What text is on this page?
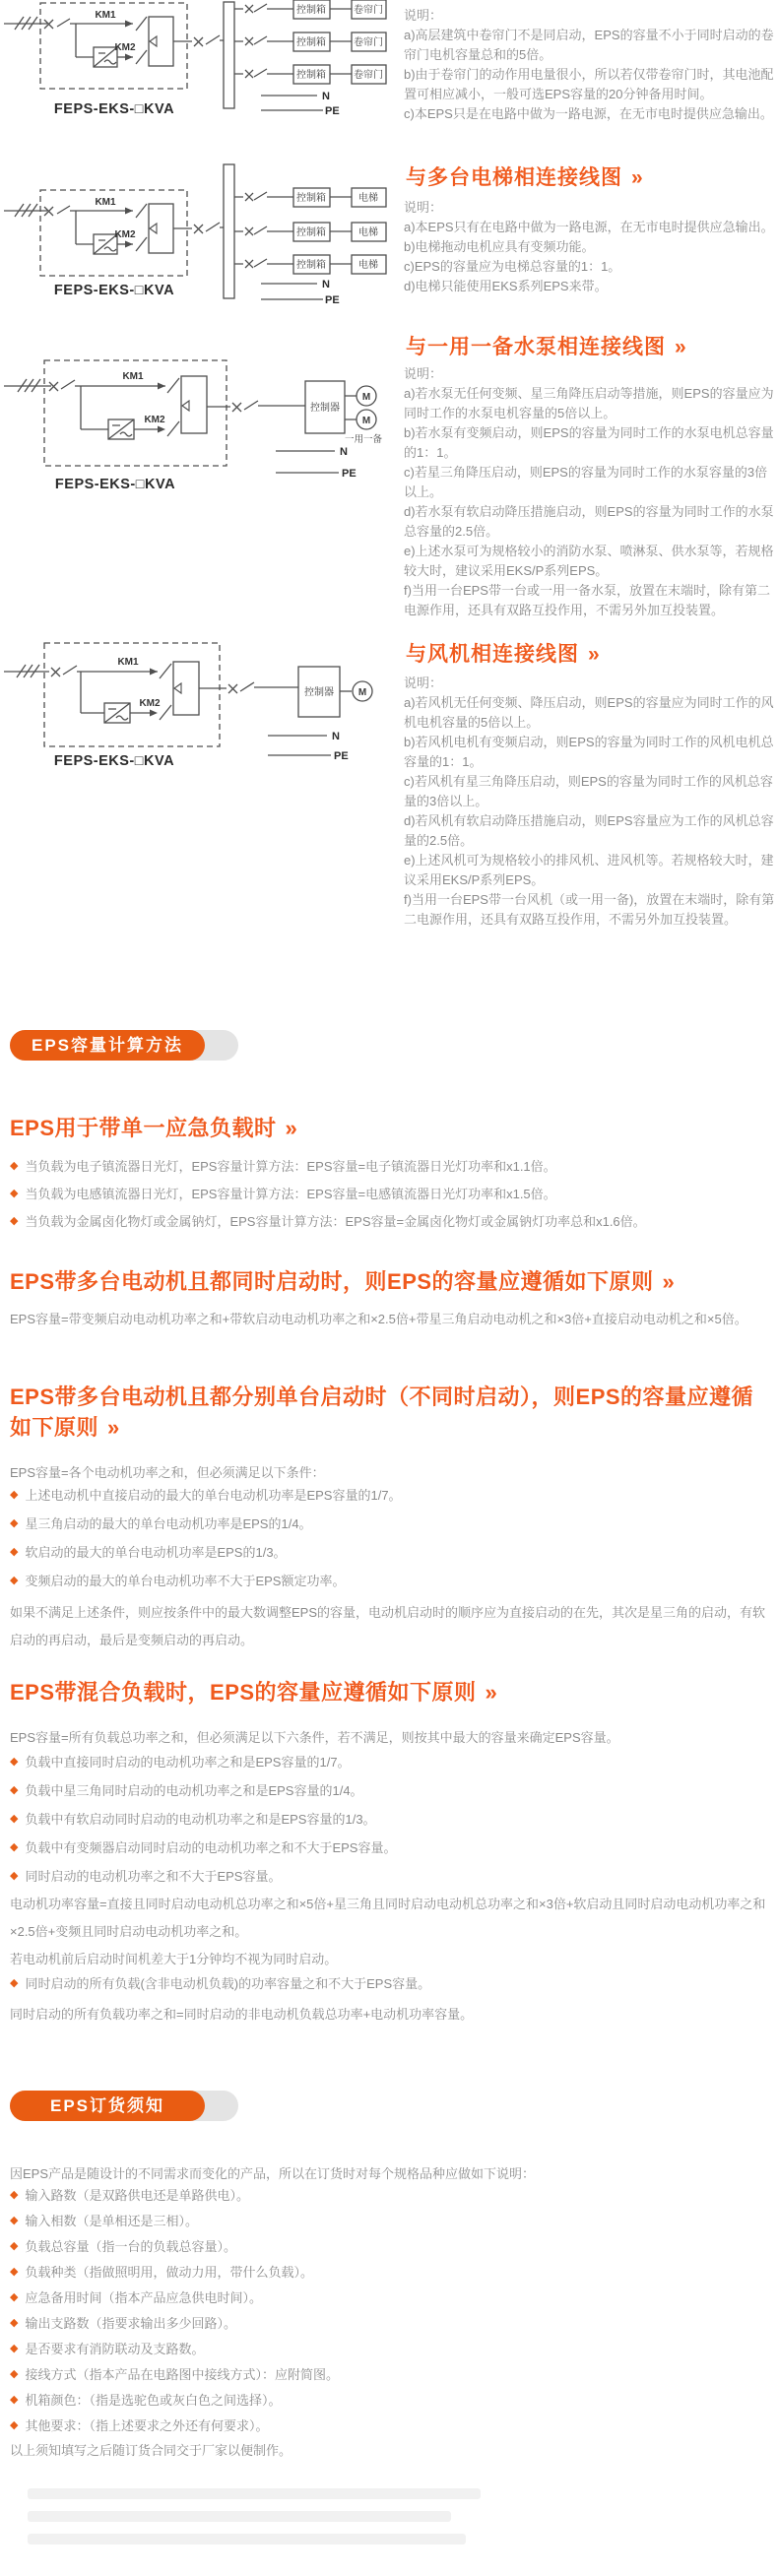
KM1
KM2
控制箱	卷帘门
控制箱	卷帘门
控制箱	卷帘门
N
PE
FEPS-EKS-□KVA
说明：
a)高层建筑中卷帘门不是同启动，EPS的容量不小于同时启动的卷帘门电机容量总和的5倍。
b)由于卷帘门的动作用电量很小，所以若仅带卷帘门时，其电池配置可相应减小，一般可选EPS容量的20分钟备用时间。
c)本EPS只是在电路中做为一路电源，在无市电时提供应急输出。
与多台电梯相连接线图 »
KM1
KM2
控制箱	电梯
控制箱	电梯
控制箱	电梯
N
PE
FEPS-EKS-□KVA
说明：
a)本EPS只有在电路中做为一路电源，在无市电时提供应急输出。
b)电梯拖动电机应具有变频功能。
c)EPS的容量应为电梯总容量的1：1。
d)电梯只能使用EKS系列EPS来带。
与一用一备水泵相连接线图 »
KM1
KM2
控制器
M
M
一用一备
N
PE
FEPS-EKS-□KVA
说明：
a)若水泵无任何变频、星三角降压启动等措施，则EPS的容量应为同时工作的水泵电机容量的5倍以上。
b)若水泵有变频启动，则EPS的容量为同时工作的水泵电机总容量的1：1。
c)若星三角降压启动，则EPS的容量为同时工作的水泵容量的3倍以上。
d)若水泵有软启动降压措施启动，则EPS的容量为同时工作的水泵总容量的2.5倍。
e)上述水泵可为规格较小的消防水泵、喷淋泵、供水泵等，若规格较大时，建议采用EKS/P系列EPS。
f)当用一台EPS带一台或一用一备水泵，放置在末端时，除有第二电源作用，还具有双路互投作用，不需另外加互投装置。
与风机相连接线图 »
KM1
KM2
控制器 M
N
PE
FEPS-EKS-□KVA
说明：
a)若风机无任何变频、降压启动，则EPS的容量应为同时工作的风机电机容量的5倍以上。
b)若风机电机有变频启动，则EPS的容量为同时工作的风机电机总容量的1：1。
c)若风机有星三角降压启动，则EPS的容量为同时工作的风机总容量的3倍以上。
d)若风机有软启动降压措施启动，则EPS容量应为工作的风机总容量的2.5倍。
e)上述风机可为规格较小的排风机、进风机等。若规格较大时，建议采用EKS/P系列EPS。
f)当用一台EPS带一台风机（或一用一备)，放置在末端时，除有第二电源作用，还具有双路互投作用，不需另外加互投装置。
EPS容量计算方法
EPS用于带单一应急负载时 »
◆ 当负载为电子镇流器日光灯，EPS容量计算方法：EPS容量=电子镇流器日光灯功率和x1.1倍。
◆ 当负载为电感镇流器日光灯，EPS容量计算方法：EPS容量=电感镇流器日光灯功率和x1.5倍。
◆ 当负载为金属卤化物灯或金属钠灯，EPS容量计算方法：EPS容量=金属卤化物灯或金属钠灯功率总和x1.6倍。
EPS带多台电动机且都同时启动时，则EPS的容量应遵循如下原则 »
EPS容量=带变频启动电动机功率之和+带软启动电动机功率之和×2.5倍+带星三角启动电动机之和×3倍+直接启动电动机之和×5倍。
EPS带多台电动机且都分别单台启动时（不同时启动），则EPS的容量应遵循如下原则 »
EPS容量=各个电动机功率之和，但必须满足以下条件：
◆ 上述电动机中直接启动的最大的单台电动机功率是EPS容量的1/7。
◆ 星三角启动的最大的单台电动机功率是EPS的1/4。
◆ 软启动的最大的单台电动机功率是EPS的1/3。
◆ 变频启动的最大的单台电动机功率不大于EPS额定功率。
如果不满足上述条件，则应按条件中的最大数调整EPS的容量，电动机启动时的顺序应为直接启动的在先，其次是星三角的启动，有软启动的再启动，最后是变频启动的再启动。
EPS带混合负载时，EPS的容量应遵循如下原则 »
EPS容量=所有负载总功率之和，但必须满足以下六条件，若不满足，则按其中最大的容量来确定EPS容量。
◆ 负载中直接同时启动的电动机功率之和是EPS容量的1/7。
◆ 负载中星三角同时启动的电动机功率之和是EPS容量的1/4。
◆ 负载中有软启动同时启动的电动机功率之和是EPS容量的1/3。
◆ 负载中有变频器启动同时启动的电动机功率之和不大于EPS容量。
◆ 同时启动的电动机功率之和不大于EPS容量。
电动机功率容量=直接且同时启动电动机总功率之和×5倍+星三角且同时启动电动机总功率之和×3倍+软启动且同时启动电动机功率之和×2.5倍+变频且同时启动电动机功率之和。
若电动机前后启动时间机差大于1分钟均不视为同时启动。
◆ 同时启动的所有负载(含非电动机负载)的功率容量之和不大于EPS容量。
同时启动的所有负载功率之和=同时启动的非电动机负载总功率+电动机功率容量。
EPS订货须知
因EPS产品是随设计的不同需求而变化的产品，所以在订货时对每个规格品种应做如下说明：
◆ 输入路数（是双路供电还是单路供电）。
◆ 输入相数（是单相还是三相）。
◆ 负载总容量（指一台的负载总容量）。
◆ 负载种类（指做照明用，做动力用，带什么负载）。
◆ 应急备用时间（指本产品应急供电时间）。
◆ 输出支路数（指要求输出多少回路）。
◆ 是否要求有消防联动及支路数。
◆ 接线方式（指本产品在电路图中接线方式）：应附简图。
◆ 机箱颜色：（指是选驼色或灰白色之间选择）。
◆ 其他要求：（指上述要求之外还有何要求）。
以上须知填写之后随订货合同交于厂家以便制作。
